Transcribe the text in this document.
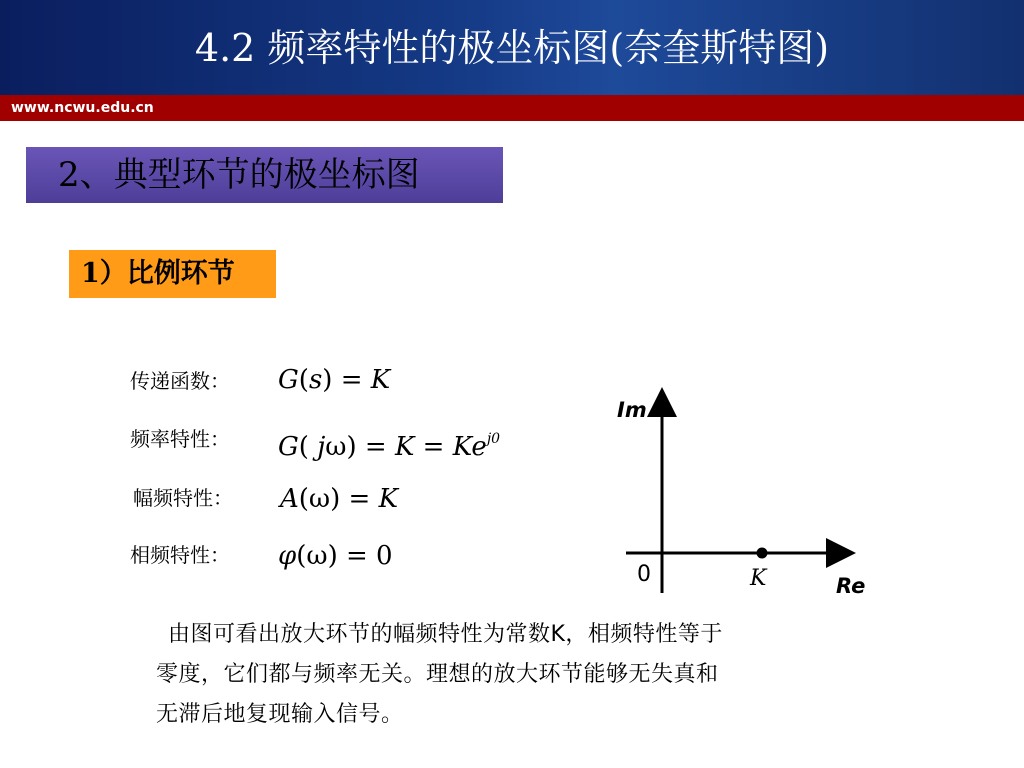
4.2 频率特性的极坐标图(奈奎斯特图)
www.ncwu.edu.cn
2、典型环节的极坐标图
1）比例环节
传递函数： G(s) = K
频率特性： G( $j\omega) = K = Ke^{j0}$
幅频特性： A(ω) = K
相频特性： φ(ω) = 0
Im
0	K	Re
由图可看出放大环节的幅频特性为常数K，相频特性等于零度，它们都与频率无关。理想的放大环节能够无失真和无滞后地复现输入信号。
